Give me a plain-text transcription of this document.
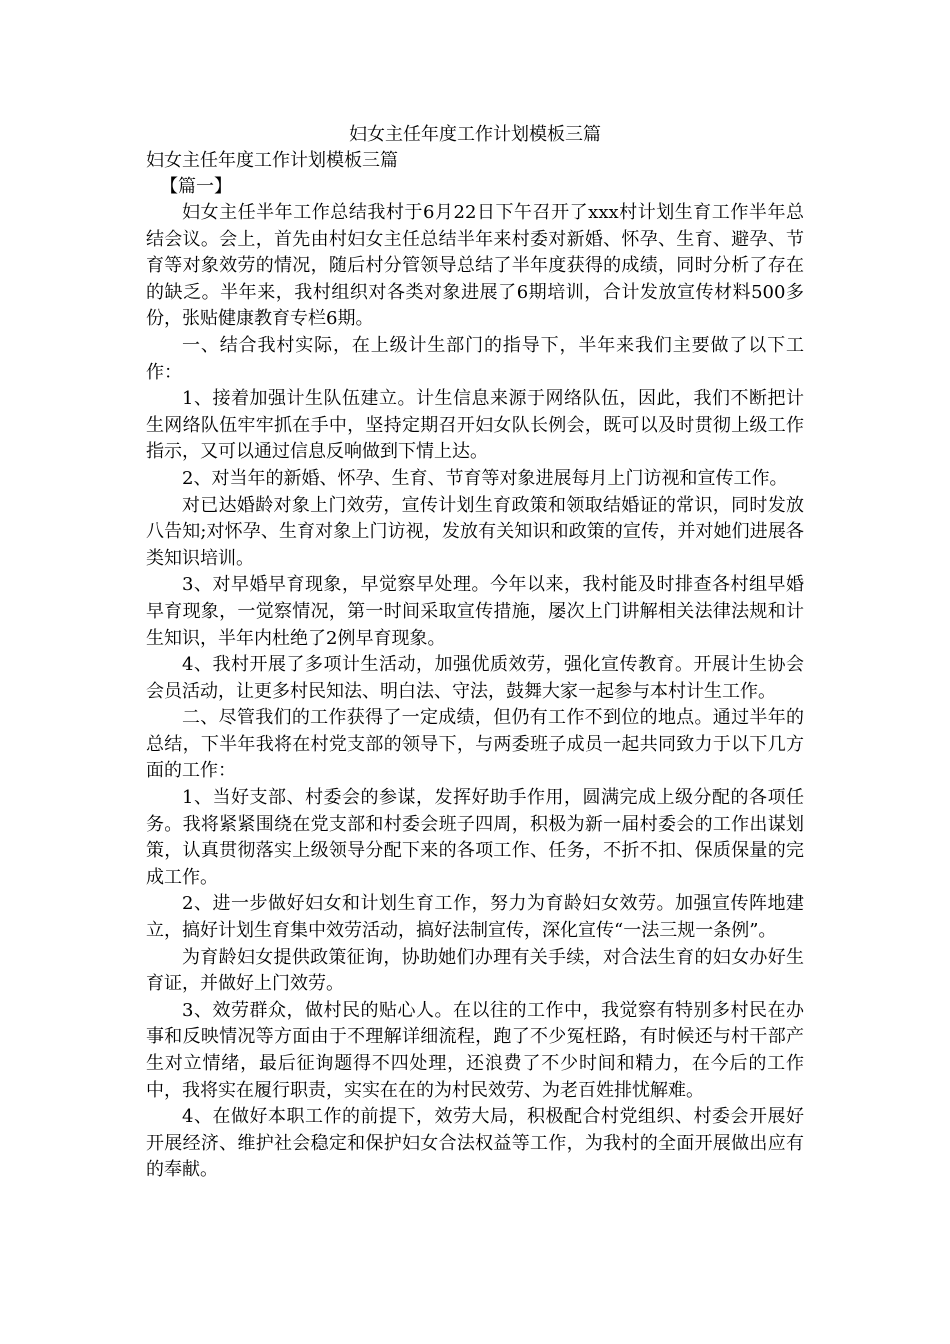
妇女主任年度工作计划模板三篇

妇女主任年度工作计划模板三篇

【篇一】

妇女主任半年工作总结我村于6月22日下午召开了xxx村计划生育工作半年总结会议。会上，首先由村妇女主任总结半年来村委对新婚、怀孕、生育、避孕、节育等对象效劳的情况，随后村分管领导总结了半年度获得的成绩，同时分析了存在的缺乏。半年来，我村组织对各类对象进展了6期培训，合计发放宣传材料500多份，张贴健康教育专栏6期。

一、结合我村实际，在上级计生部门的指导下，半年来我们主要做了以下工作：

1、接着加强计生队伍建立。计生信息来源于网络队伍，因此，我们不断把计生网络队伍牢牢抓在手中，坚持定期召开妇女队长例会，既可以及时贯彻上级工作指示，又可以通过信息反响做到下情上达。

2、对当年的新婚、怀孕、生育、节育等对象进展每月上门访视和宣传工作。

对已达婚龄对象上门效劳，宣传计划生育政策和领取结婚证的常识，同时发放八告知;对怀孕、生育对象上门访视，发放有关知识和政策的宣传，并对她们进展各类知识培训。

3、对早婚早育现象，早觉察早处理。今年以来，我村能及时排查各村组早婚早育现象，一觉察情况，第一时间采取宣传措施，屡次上门讲解相关法律法规和计生知识，半年内杜绝了2例早育现象。

4、我村开展了多项计生活动，加强优质效劳，强化宣传教育。开展计生协会会员活动，让更多村民知法、明白法、守法，鼓舞大家一起参与本村计生工作。

二、尽管我们的工作获得了一定成绩，但仍有工作不到位的地点。通过半年的总结，下半年我将在村党支部的领导下，与两委班子成员一起共同致力于以下几方面的工作：

1、当好支部、村委会的参谋，发挥好助手作用，圆满完成上级分配的各项任务。我将紧紧围绕在党支部和村委会班子四周，积极为新一届村委会的工作出谋划策，认真贯彻落实上级领导分配下来的各项工作、任务，不折不扣、保质保量的完成工作。

2、进一步做好妇女和计划生育工作，努力为育龄妇女效劳。加强宣传阵地建立，搞好计划生育集中效劳活动，搞好法制宣传，深化宣传“一法三规一条例”。

为育龄妇女提供政策征询，协助她们办理有关手续，对合法生育的妇女办好生育证，并做好上门效劳。

3、效劳群众，做村民的贴心人。在以往的工作中，我觉察有特别多村民在办事和反映情况等方面由于不理解详细流程，跑了不少冤枉路，有时候还与村干部产生对立情绪，最后征询题得不四处理，还浪费了不少时间和精力，在今后的工作中，我将实在履行职责，实实在在的为村民效劳、为老百姓排忧解难。

4、在做好本职工作的前提下，效劳大局，积极配合村党组织、村委会开展好开展经济、维护社会稳定和保护妇女合法权益等工作，为我村的全面开展做出应有的奉献。
